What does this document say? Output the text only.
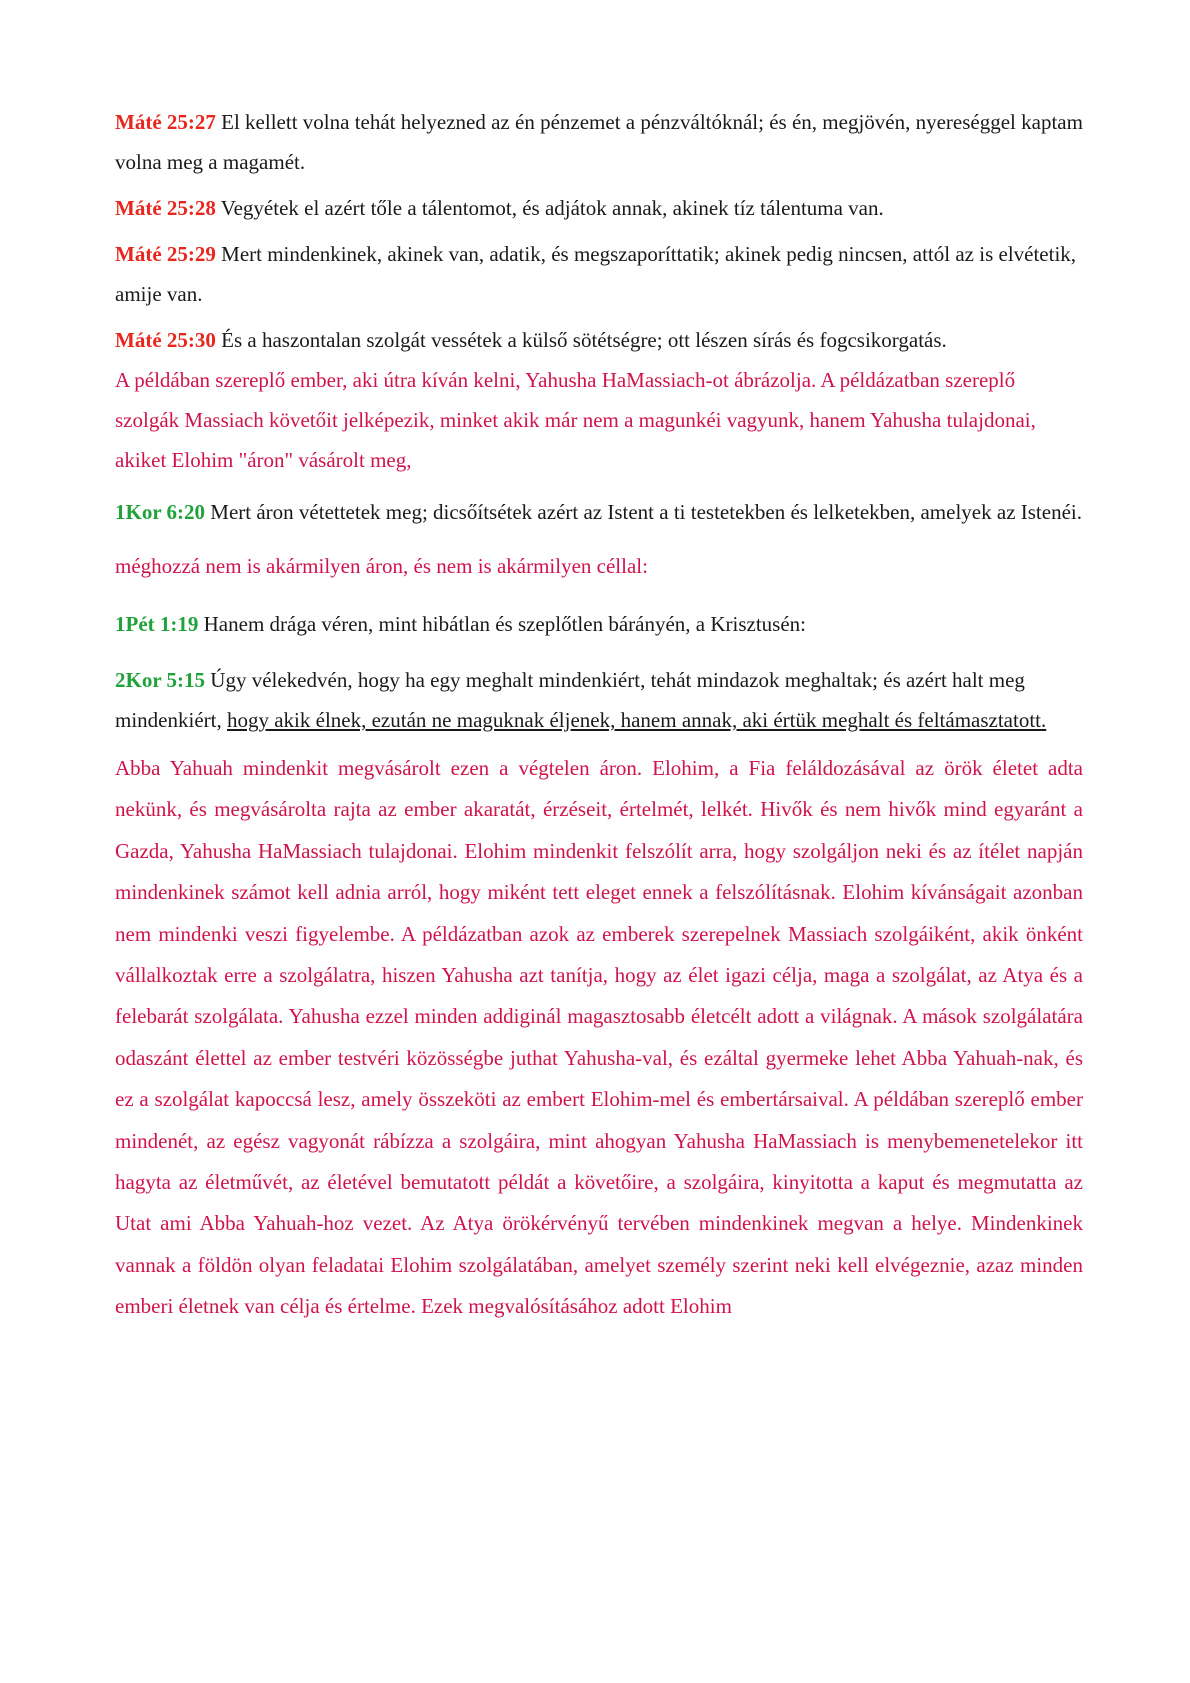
Máté 25:27 El kellett volna tehát helyezned az én pénzemet a pénzváltóknál; és én, megjövén, nyereséggel kaptam volna meg a magamét.

Máté 25:28 Vegyétek el azért tőle a tálentomot, és adjátok annak, akinek tíz tálentuma van.

Máté 25:29 Mert mindenkinek, akinek van, adatik, és megszaporíttatik; akinek pedig nincsen, attól az is elvétetik, amije van.

Máté 25:30 És a haszontalan szolgát vessétek a külső sötétségre; ott lészen sírás és fogcsikorgatás.

A példában szereplő ember, aki útra kíván kelni, Yahusha HaMassiach-ot ábrázolja. A példázatban szereplő szolgák Massiach követőit jelképezik, minket akik már nem a magunkéi vagyunk, hanem Yahusha tulajdonai, akiket Elohim "áron" vásárolt meg,

1Kor 6:20 Mert áron vétettetek meg; dicsőítsétek azért az Istent a ti testetekben és lelketekben, amelyek az Istenéi.

méghozzá nem is akármilyen áron, és nem is akármilyen céllal:

1Pét 1:19 Hanem drága véren, mint hibátlan és szeplőtlen bárányén, a Krisztusén:

2Kor 5:15 Úgy vélekedvén, hogy ha egy meghalt mindenkiért, tehát mindazok meghaltak; és azért halt meg mindenkiért, hogy akik élnek, ezután ne maguknak éljenek, hanem annak, aki értük meghalt és feltámasztatott.

Abba Yahuah mindenkit megvásárolt ezen a végtelen áron. Elohim, a Fia feláldozásával az örök életet adta nekünk, és megvásárolta rajta az ember akaratát, érzéseit, értelmét, lelkét. Hivők és nem hivők mind egyaránt a Gazda, Yahusha HaMassiach tulajdonai. Elohim mindenkit felszólít arra, hogy szolgáljon neki és az ítélet napján mindenkinek számot kell adnia arról, hogy miként tett eleget ennek a felszólításnak. Elohim kívánságait azonban nem mindenki veszi figyelembe. A példázatban azok az emberek szerepelnek Massiach szolgáiként, akik önként vállalkoztak erre a szolgálatra, hiszen Yahusha azt tanítja, hogy az élet igazi célja, maga a szolgálat, az Atya és a felebarát szolgálata. Yahusha ezzel minden addiginál magasztosabb életcélt adott a világnak. A mások szolgálatára odaszánt élettel az ember testvéri közösségbe juthat Yahusha-val, és ezáltal gyermeke lehet Abba Yahuah-nak, és ez a szolgálat kapoccsá lesz, amely összeköti az embert Elohim-mel és embertársaival. A példában szereplő ember mindenét, az egész vagyonát rábízza a szolgáira, mint ahogyan Yahusha HaMassiach is menybemenetelekor itt hagyta az életművét, az életével bemutatott példát a követőire, a szolgáira, kinyitotta a kaput és megmutatta az Utat ami Abba Yahuah-hoz vezet. Az Atya örökérvényű tervében mindenkinek megvan a helye. Mindenkinek vannak a földön olyan feladatai Elohim szolgálatában, amelyet személy szerint neki kell elvégeznie, azaz minden emberi életnek van célja és értelme. Ezek megvalósításához adott Elohim
